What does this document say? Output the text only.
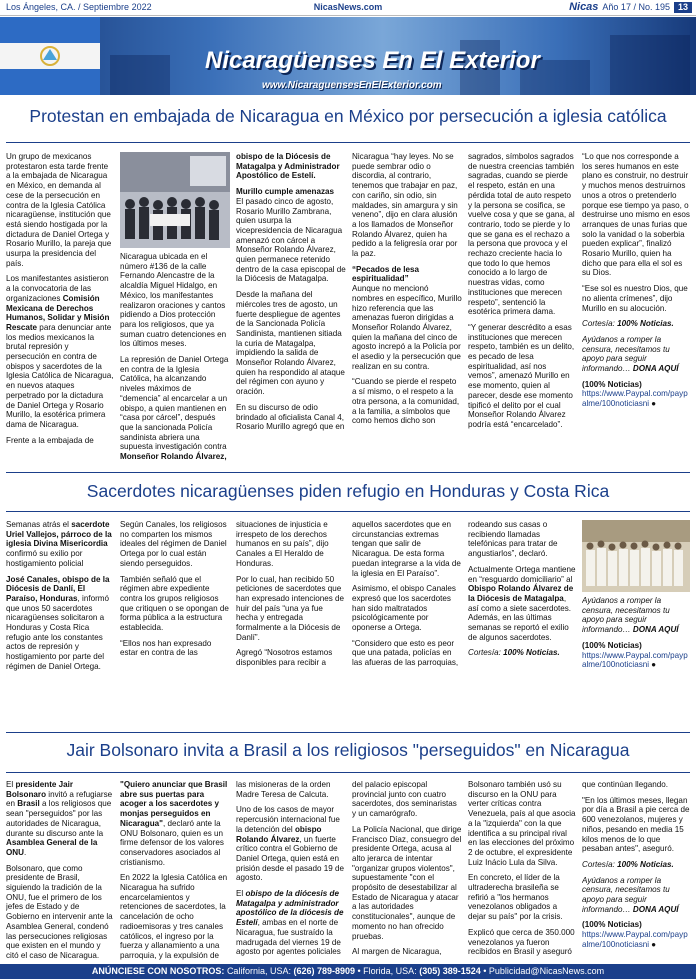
Los Ángeles, CA. / Septiembre 2022	NicasNews.com	Nicas Año 17 / No. 195 13
Nicaragüenses En El Exterior
www.NicaraguensesEnElExterior.com
Protestan en embajada de Nicaragua en México por persecución a iglesia católica

Un grupo de mexicanos protestaron esta tarde frente a la embajada de Nicaragua en México, en demanda al cese de la persecución en contra de la Iglesia Católica nicaragüense, institución que está siendo hostigada por la dictadura de Daniel Ortega y Rosario Murillo, la pareja que usurpa la presidencia del país.

Los manifestantes asistieron a la convocatoria de las organizaciones Comisión Mexicana de Derechos Humanos, Solidar y Misión Rescate para denunciar ante los medios mexicanos la brutal represión y persecución en contra de obispos y sacerdotes de la Iglesia Católica de Nicaragua, en nuevos ataques perpetrado por la dictadura de Daniel Ortega y Rosario Murillo, la esotérica primera dama de Nicaragua.

Frente a la embajada de

Nicaragua ubicada en el número #136 de la calle Fernando Alencastre de la alcaldía Miguel Hidalgo, en México, los manifestantes realizaron oraciones y cantos pidiendo a Dios protección para los religiosos, que ya suman cuatro detenciones en los últimos meses.

La represión de Daniel Ortega en contra de la Iglesia Católica, ha alcanzando niveles máximos de “demencia” al encarcelar a un obispo, a quien mantienen en “casa por cárcel”, después que la sancionada Policía sandinista abriera una supuesta investigación contra Monseñor Rolando Álvarez,

obispo de la Diócesis de Matagalpa y Administrador Apostólico de Estelí.

Murillo cumple amenazas
El pasado cinco de agosto, Rosario Murillo Zambrana, quien usurpa la vicepresidencia de Nicaragua amenazó con cárcel a Monseñor Rolando Álvarez, quien permanece retenido dentro de la casa episcopal de la Diócesis de Matagalpa.

Desde la mañana del miércoles tres de agosto, un fuerte despliegue de agentes de la Sancionada Policía Sandinista, mantienen sitiada la curia de Matagalpa, impidiendo la salida de Monseñor Rolando Álvarez, quien ha respondido al ataque del régimen con ayuno y oración.

En su discurso de odio brindado al oficialista Canal 4, Rosario Murillo agregó que en

Nicaragua “hay leyes. No se puede sembrar odio o discordia, al contrario, tenemos que trabajar en paz, con cariño, sin odio, sin maldades, sin amargura y sin veneno”, dijo en clara alusión a los llamados de Monseñor Rolando Álvarez, quien ha pedido a la feligresía orar por la paz.

“Pecados de lesa espiritualidad”
Aunque no mencionó nombres en específico, Murillo hizo referencia que las amenazas fueron dirigidas a Monseñor Rolando Álvarez, quien la mañana del cinco de agosto increpó a la Policía por el asedio y la persecución que realizan en su contra.

“Cuando se pierde el respeto a sí mismo, o el respeto a la otra persona, a la comunidad, a la familia, a símbolos que como hemos dicho son

sagrados, símbolos sagrados de nuestra creencias también sagradas, cuando se pierde el respeto, están en una pérdida total de auto respeto y la persona se cosifica, se vuelve cosa y que se gana, al contrario, todo se pierde y lo que se gana es el rechazo a la persona que provoca y el rechazo creciente hacia lo que todo lo que hemos conocido a lo largo de nuestras vidas, como instituciones que merecen respeto”, sentenció la esotérica primera dama.

“Y generar descrédito a esas instituciones que merecen respeto, también es un delito, es pecado de lesa espiritualidad, así nos vemos”, amenazó Murillo en ese momento, quien al parecer, desde ese momento tipificó el delito por el cual Monseñor Rolando Álvarez podría está “encarcelado”.

“Lo que nos corresponde a los seres humanos en este plano es construir, no destruir y muchos menos destruirnos unos a otros o pretenderlo porque ese tiempo ya paso, o destruirse uno mismo en esos arranques de unas furias que solo la vanidad o la soberbia pueden explicar”, finalizó Rosario Murillo, quien ha dicho que para ella el sol es su Dios.

“Ese sol es nuestro Dios, que no alienta crímenes”, dijo Murillo en su alocución.

Cortesía: 100% Noticias.

Ayúdanos a romper la censura, necesitamos tu apoyo para seguir informando… DONA AQUÍ

(100% Noticias)
https://www.Paypal.com/paypalme/100noticiasni ●

Sacerdotes nicaragüenses piden refugio en Honduras y Costa Rica

Semanas atrás el sacerdote Uriel Vallejos, párroco de la iglesia Divina Misericordia confirmó su exilio por hostigamiento policial

José Canales, obispo de la Diócesis de Danlí, El Paraíso, Honduras, informó que unos 50 sacerdotes nicaragüenses solicitaron a Honduras y Costa Rica refugio ante los constantes actos de represión y hostigamiento por parte del régimen de Daniel Ortega.

Según Canales, los religiosos no comparten los mismos ideales del régimen de Daniel Ortega por lo cual están siendo perseguidos.

También señaló que el régimen abre expediente contra los grupos religiosos que critiquen o se opongan de forma pública a la estructura establecida.

“Ellos nos han expresado estar en contra de las

situaciones de injusticia e irrespeto de los derechos humanos en su país”, dijo Canales a El Heraldo de Honduras.

Por lo cual, han recibido 50 peticiones de sacerdotes que han expresado intenciones de huir del país “una ya fue hecha y entregada formalmente a la Diócesis de Danlí”.

Agregó “Nosotros estamos disponibles para recibir a

aquellos sacerdotes que en circunstancias extremas tengan que salir de Nicaragua. De esta forma puedan integrarse a la vida de la iglesia en El Paraíso”.

Asimismo, el obispo Canales expresó que los sacerdotes han sido maltratados psicológicamente por oponerse a Ortega.

“Considero que esto es peor que una patada, policías en las afueras de las parroquias,

rodeando sus casas o recibiendo llamadas telefónicas para tratar de angustiarlos”, declaró.

Actualmente Ortega mantiene en “resguardo domiciliario” al Obispo Rolando Álvarez de la Diócesis de Matagalpa, así como a siete sacerdotes. Además, en las últimas semanas se reportó el exilio de algunos sacerdotes.

Cortesía: 100% Noticias.

Ayúdanos a romper la censura, necesitamos tu apoyo para seguir informando… DONA AQUÍ

(100% Noticias)
https://www.Paypal.com/paypalme/100noticiasni ●

Jair Bolsonaro invita a Brasil a los religiosos "perseguidos" en Nicaragua

El presidente Jair Bolsonaro invitó a refugiarse en Brasil a los religiosos que sean "perseguidos" por las autoridades de Nicaragua, durante su discurso ante la Asamblea General de la ONU.

Bolsonaro, que como presidente de Brasil, siguiendo la tradición de la ONU, fue el primero de los jefes de Estado y de Gobierno en intervenir ante la Asamblea General, condenó las persecuciones religiosas que existen en el mundo y citó el caso de Nicaragua.

"Quiero anunciar que Brasil abre sus puertas para acoger a los sacerdotes y monjas perseguidos en Nicaragua", declaró ante la ONU Bolsonaro, quien es un firme defensor de los valores conservadores asociados al cristianismo.

En 2022 la Iglesia Católica en Nicaragua ha sufrido encarcelamientos y retenciones de sacerdotes, la cancelación de ocho radioemisoras y tres canales católicos, el ingreso por la fuerza y allanamiento a una parroquia, y la expulsión de

las misioneras de la orden Madre Teresa de Calcuta.

Uno de los casos de mayor repercusión internacional fue la detención del obispo Rolando Álvarez, un fuerte crítico contra el Gobierno de Daniel Ortega, quien está en prisión desde el pasado 19 de agosto.

El obispo de la diócesis de Matagalpa y administrador apostólico de la diócesis de Estelí, ambas en el norte de Nicaragua, fue sustraído la madrugada del viernes 19 de agosto por agentes policiales

del palacio episcopal provincial junto con cuatro sacerdotes, dos seminaristas y un camarógrafo.

La Policía Nacional, que dirige Francisco Díaz, consuegro del presidente Ortega, acusa al alto jerarca de intentar "organizar grupos violentos", supuestamente "con el propósito de desestabilizar al Estado de Nicaragua y atacar a las autoridades constitucionales", aunque de momento no han ofrecido pruebas.

Al margen de Nicaragua,

Bolsonaro también usó su discurso en la ONU para verter críticas contra Venezuela, país al que asocia a la "izquierda" con la que identifica a su principal rival en las elecciones del próximo 2 de octubre, el expresidente Luiz Inácio Lula da Silva.

En concreto, el líder de la ultraderecha brasileña se refirió a "los hermanos venezolanos obligados a dejar su país" por la crisis.

Explicó que cerca de 350.000 venezolanos ya fueron recibidos en Brasil y aseguró

que continúan llegando.

"En los últimos meses, llegan por día a Brasil a pie cerca de 600 venezolanos, mujeres y niños, pesando en media 15 kilos menos de lo que pesaban antes", aseguró.

Cortesía: 100% Noticias.

Ayúdanos a romper la censura, necesitamos tu apoyo para seguir informando… DONA AQUÍ

(100% Noticias)
https://www.Paypal.com/paypalme/100noticiasni ●

ANÚNCIESE CON NOSOTROS: California, USA: (626) 789-8909 • Florida, USA: (305) 389-1524 • Publicidad@NicasNews.com
